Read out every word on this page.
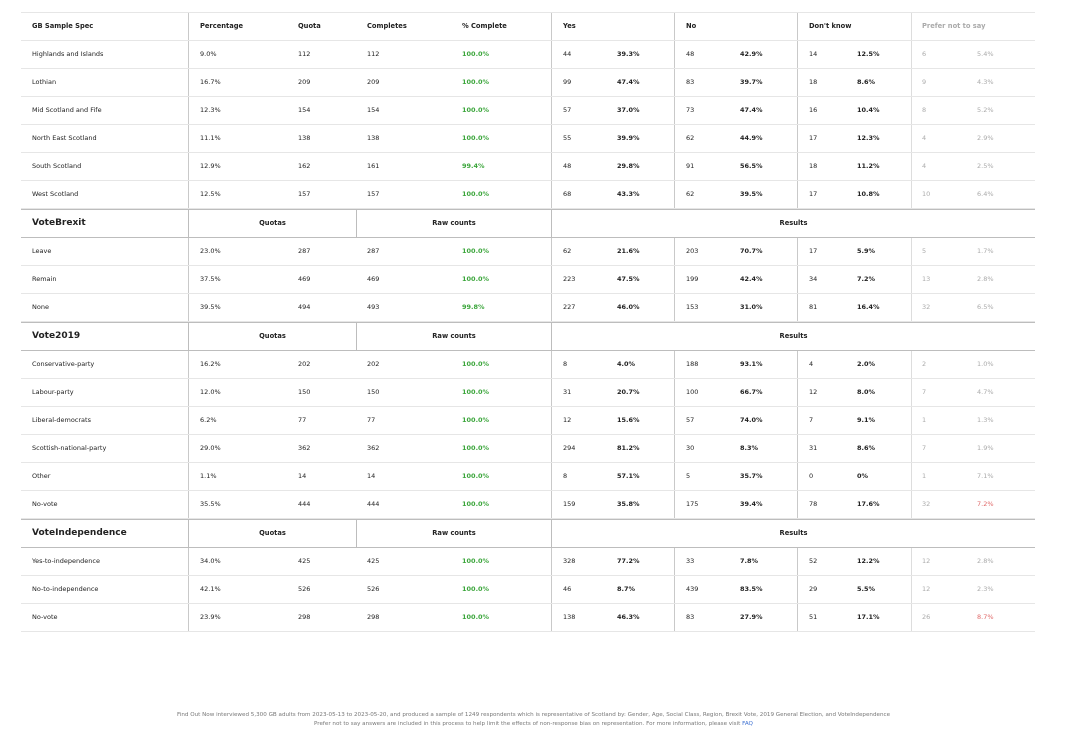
GB Sample Spec	Percentage	Quota	Completes	% Complete	Yes	No	Don't know	Prefer not to say
Highlands and Islands	9.0%	112	112	100.0%	44	39.3%	48	42.9%	14	12.5%	6	5.4%
Lothian	16.7%	209	209	100.0%	99	47.4%	83	39.7%	18	8.6%	9	4.3%
Mid Scotland and Fife	12.3%	154	154	100.0%	57	37.0%	73	47.4%	16	10.4%	8	5.2%
North East Scotland	11.1%	138	138	100.0%	55	39.9%	62	44.9%	17	12.3%	4	2.9%
South Scotland	12.9%	162	161	99.4%	48	29.8%	91	56.5%	18	11.2%	4	2.5%
West Scotland	12.5%	157	157	100.0%	68	43.3%	62	39.5%	17	10.8%	10	6.4%
VoteBrexit	Quotas	Raw counts	Results
Leave	23.0%	287	287	100.0%	62	21.6%	203	70.7%	17	5.9%	5	1.7%
Remain	37.5%	469	469	100.0%	223	47.5%	199	42.4%	34	7.2%	13	2.8%
None	39.5%	494	493	99.8%	227	46.0%	153	31.0%	81	16.4%	32	6.5%
Vote2019	Quotas	Raw counts	Results
Conservative-party	16.2%	202	202	100.0%	8	4.0%	188	93.1%	4	2.0%	2	1.0%
Labour-party	12.0%	150	150	100.0%	31	20.7%	100	66.7%	12	8.0%	7	4.7%
Liberal-democrats	6.2%	77	77	100.0%	12	15.6%	57	74.0%	7	9.1%	1	1.3%
Scottish-national-party	29.0%	362	362	100.0%	294	81.2%	30	8.3%	31	8.6%	7	1.9%
Other	1.1%	14	14	100.0%	8	57.1%	5	35.7%	0	0%	1	7.1%
No-vote	35.5%	444	444	100.0%	159	35.8%	175	39.4%	78	17.6%	32	7.2%
VoteIndependence	Quotas	Raw counts	Results
Yes-to-independence	34.0%	425	425	100.0%	328	77.2%	33	7.8%	52	12.2%	12	2.8%
No-to-independence	42.1%	526	526	100.0%	46	8.7%	439	83.5%	29	5.5%	12	2.3%
No-vote	23.9%	298	298	100.0%	138	46.3%	83	27.9%	51	17.1%	26	8.7%
Find Out Now interviewed 5,300 GB adults from 2023-05-13 to 2023-05-20, and produced a sample of 1249 respondents which is representative of Scotland by: Gender, Age, Social Class, Region, Brexit Vote, 2019 General Election, and VoteIndependence
Prefer not to say answers are included in this process to help limit the effects of non-response bias on representation. For more information, please visit FAQ
